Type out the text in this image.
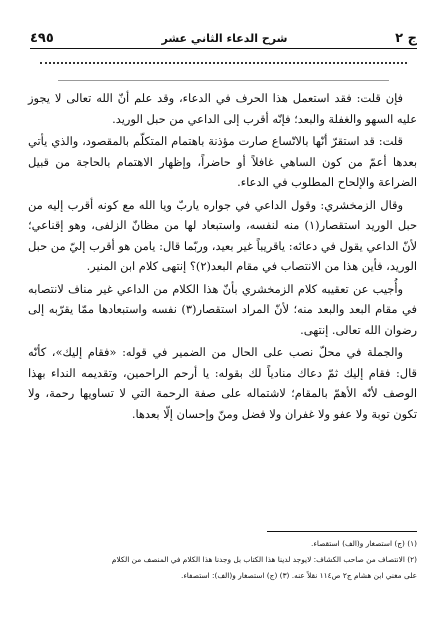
٤٩٥	شرح الدعاء الثاني عشر	ج ٢

فإن قلت: فقد استعمل هذا الحرف في الدعاء، وقد علم أنّ الله تعالى لا يجوز عليه السهو والغفلة والبعد؛ فإنّه أقرب إلى الداعي من حبل الوريد.

قلت: قد استقرّ أنّها بالاتّساع صارت مؤذنة باهتمام المتكلّم بالمقصود، والذي يأتي بعدها أعمّ من كون الساهي غافلاً أو حاضراً، وإظهار الاهتمام بالحاجة من قبيل الضراعة والإلحاح المطلوب في الدعاء.

وقال الزمخشري: وقول الداعي في جواره ياربّ ويا الله مع كونه أقرب إليه من حبل الوريد استقصار(١) منه لنفسه، واستبعاد لها من مظانّ الزلفى، وهو إقناعي؛ لأنّ الداعي يقول في دعائه: ياقريباً غير بعيد، وربّما قال: يامن هو أقرب إليّ من حبل الوريد، فأين هذا من الانتصاب في مقام البعد(٢)؟ إنتهى كلام ابن المنير.

وأُجيب عن تعقيبه كلام الزمخشري بأنّ هذا الكلام من الداعي غير مناف لانتصابه في مقام البعد والبعد منه؛ لأنّ المراد استقصار(٣) نفسه واستبعادها ممّا يقرّبه إلى رضوان الله تعالى. إنتهى.

والجملة في محلّ نصب على الحال من الضمير في قوله: «فقام إليك»، كأنّه قال: فقام إليك ثمّ دعاك منادياً لك بقوله: يا أرحم الراحمين، وتقديمه النداء بهذا الوصف لأنّه الأهمّ بالمقام؛ لاشتماله على صفة الرحمة التي لا تساويها رحمة، ولا تكون توبة ولا عفو ولا غفران ولا فضل ومنّ وإحسان إلّا بعدها.

(١) (ج) استصغار و(الف) استقصاء.
(٢) الانتصاف من صاحب الكشاف: لايوجد لدينا هذا الكتاب بل وجدنا هذا الكلام في المنصف من الكلام
على مغني ابن هشام ج٢ ص١١٤ نقلاً عنه. (٣) (ج) استصغار و(الف): استصفاء.
